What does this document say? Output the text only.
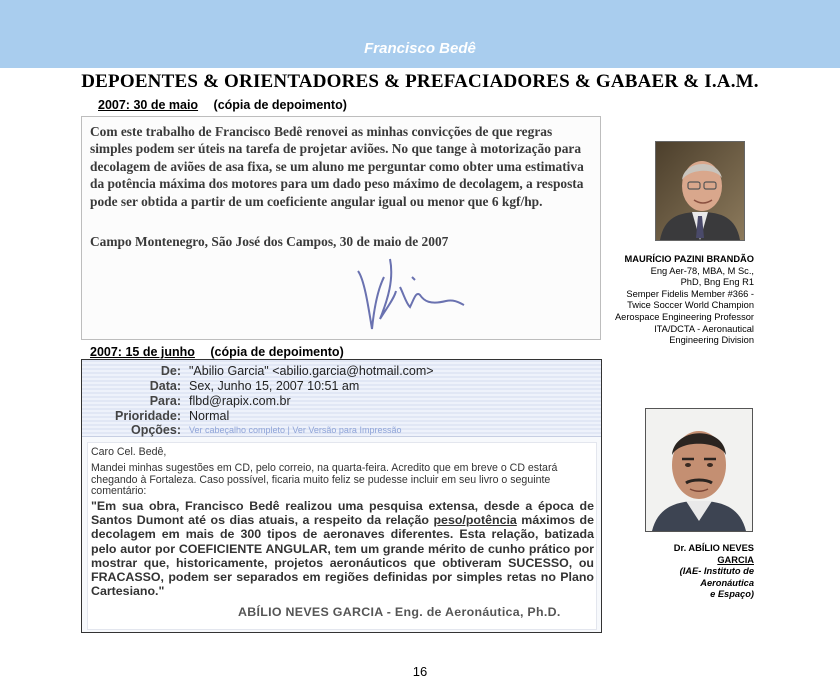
Francisco Bedê
DEPOENTES & ORIENTADORES & PREFACIADORES & GABAER & I.A.M.
2007: 30 de maio (cópia de depoimento)
Com este trabalho de Francisco Bedê renovei as minhas convicções de que regras simples podem ser úteis na tarefa de projetar aviões. No que tange à motorização para decolagem de aviões de asa fixa, se um aluno me perguntar como obter uma estimativa da potência máxima dos motores para um dado peso máximo de decolagem, a resposta pode ser obtida a partir de um coeficiente angular igual ou menor que 6 kgf/hp.
Campo Montenegro, São José dos Campos, 30 de maio de 2007
MAURÍCIO PAZINI BRANDÃO
Eng Aer-78, MBA, M Sc.,
PhD, Bng Eng R1
Semper Fidelis Member #366 -
Twice Soccer World Champion
Aerospace Engineering Professor
ITA/DCTA - Aeronautical
Engineering Division
2007: 15 de junho (cópia de depoimento)
De: "Abilio Garcia" <abilio.garcia@hotmail.com>
Data: Sex, Junho 15, 2007 10:51 am
Para: flbd@rapix.com.br
Prioridade: Normal
Opções: Ver cabeçalho completo | Ver Versão para Impressão
Caro Cel. Bedê,
Mandei minhas sugestões em CD, pelo correio, na quarta-feira. Acredito que em breve o CD estará chegando à Fortaleza. Caso possível, ficaria muito feliz se pudesse incluir em seu livro o seguinte comentário:
"Em sua obra, Francisco Bedê realizou uma pesquisa extensa, desde a época de Santos Dumont até os dias atuais, a respeito da relação peso/potência máximos de decolagem em mais de 300 tipos de aeronaves diferentes. Esta relação, batizada pelo autor por COEFICIENTE ANGULAR, tem um grande mérito de cunho prático por mostrar que, historicamente, projetos aeronáuticos que obtiveram SUCESSO, ou FRACASSO, podem ser separados em regiões definidas por simples retas no Plano Cartesiano."
ABÍLIO NEVES GARCIA - Eng. de Aeronáutica, Ph.D.
Dr. ABÍLIO NEVES
GARCIA
(IAE- Instituto de
Aeronáutica
e Espaço)
16
